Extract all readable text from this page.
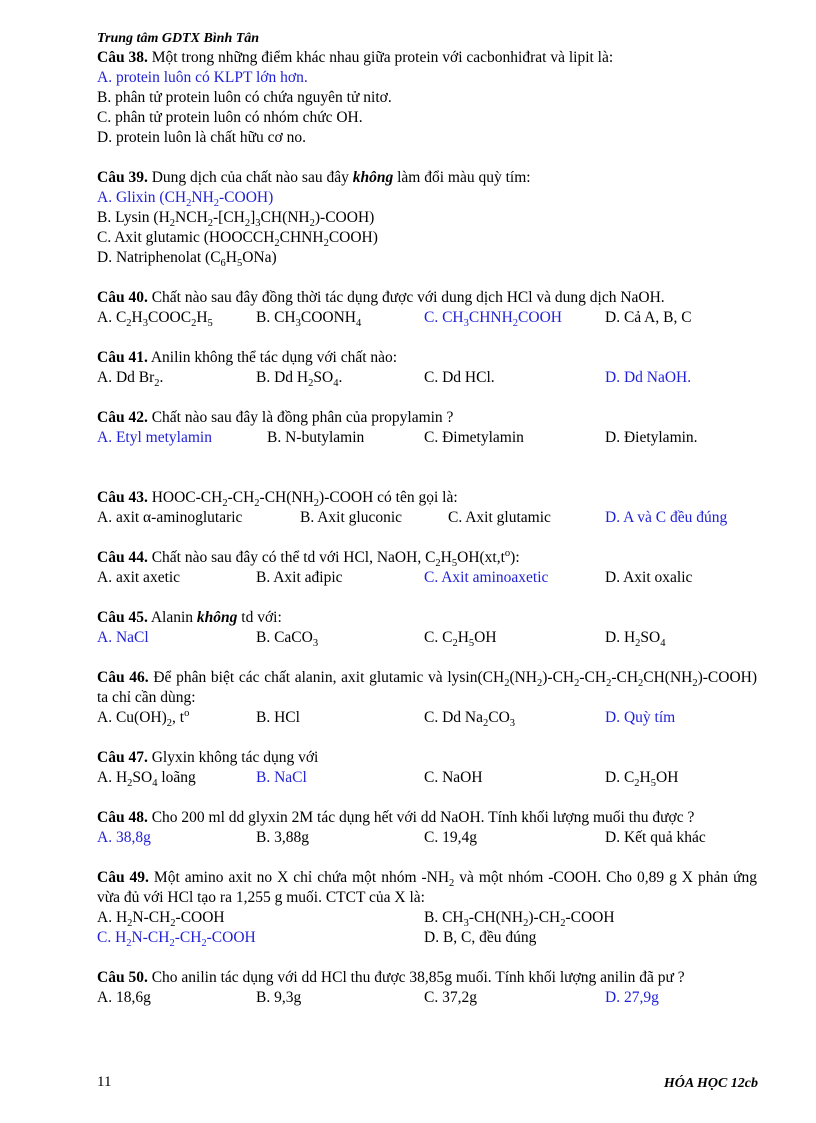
Trung tâm GDTX Bình Tân
Câu 38. Một trong những điểm khác nhau giữa protein với cacbonhiđrat và lipit là:
A. protein luôn có KLPT lớn hơn.
B. phân tử protein luôn có chứa nguyên tử nitơ.
C. phân tử protein luôn có nhóm chức OH.
D. protein luôn là chất hữu cơ no.
Câu 39. Dung dịch của chất nào sau đây không làm đổi màu quỳ tím:
A. Glixin $(CH_2NH_2-COOH)$
B. Lysin $(H_2NCH_2-[CH_2]_3CH(NH_2)-COOH)$
C. Axit glutamic $(HOOCCH_2CHNH_2COOH)$
D. Natriphenolat $(C_6H_5ONa)$
Câu 40. Chất nào sau đây đồng thời tác dụng được với dung dịch HCl và dung dịch NaOH.
A. $C_2H_3COOC_2H_5$	B. $CH_3COONH_4$	C. $CH_3CHNH_2COOH$	D. Cả A, B, C
Câu 41. Anilin không thể tác dụng với chất nào:
A. Dd $Br_2$.	B. Dd $H_2SO_4$.	C. Dd HCl.	D. Dd NaOH.
Câu 42. Chất nào sau đây là đồng phân của propylamin ?
A. Etyl metylamin	B. N-butylamin	C. Đimetylamin	D. Đietylamin.
Câu 43. HOOC-$CH_2-CH_2-CH(NH_2)$-COOH có tên gọi là:
A. axit α-aminoglutaric	B. Axit gluconic	C. Axit glutamic	D. A và C đều đúng
Câu 44. Chất nào sau đây có thể td với HCl, NaOH, $C_2H_5OH(xt,t^o)$:
A. axit axetic	B. Axit ađipic	C. Axit aminoaxetic	D. Axit oxalic
Câu 45. Alanin không td với:
A. NaCl	B. CaCO$_3$	C. $C_2H_5OH$	D. $H_2SO_4$
Câu 46. Để phân biệt các chất alanin, axit glutamic và $lysin(CH_2(NH_2)-CH_2-CH_2-CH_2CH(NH_2)-COOH)$ ta chỉ cần dùng:
A. $Cu(OH)_2$, $t^o$	B. HCl	C. Dd $Na_2CO_3$	D. Quỳ tím
Câu 47. Glyxin không tác dụng với
A. $H_2SO_4$ loãng	B. NaCl	C. NaOH	D. $C_2H_5OH$
Câu 48. Cho 200 ml dd glyxin 2M tác dụng hết với dd NaOH. Tính khối lượng muối thu được ?
A. 38,8g	B. 3,88g	C. 19,4g	D. Kết quả khác
Câu 49. Một amino axit no X chỉ chứa một nhóm $-NH_2$ và một nhóm -COOH. Cho 0,89 g X phản ứng vừa đủ với HCl tạo ra 1,255 g muối. CTCT của X là:
A. $H_2N-CH_2$-COOH	B. $CH_3-CH(NH_2)-CH_2$-COOH
C. $H_2N-CH_2-CH_2$-COOH	D. B, C, đều đúng
Câu 50. Cho anilin tác dụng với dd HCl thu được 38,85g muối. Tính khối lượng anilin đã pư ?
A. 18,6g	B. 9,3g	C. 37,2g	D. 27,9g
11	HÓA HỌC 12cb
